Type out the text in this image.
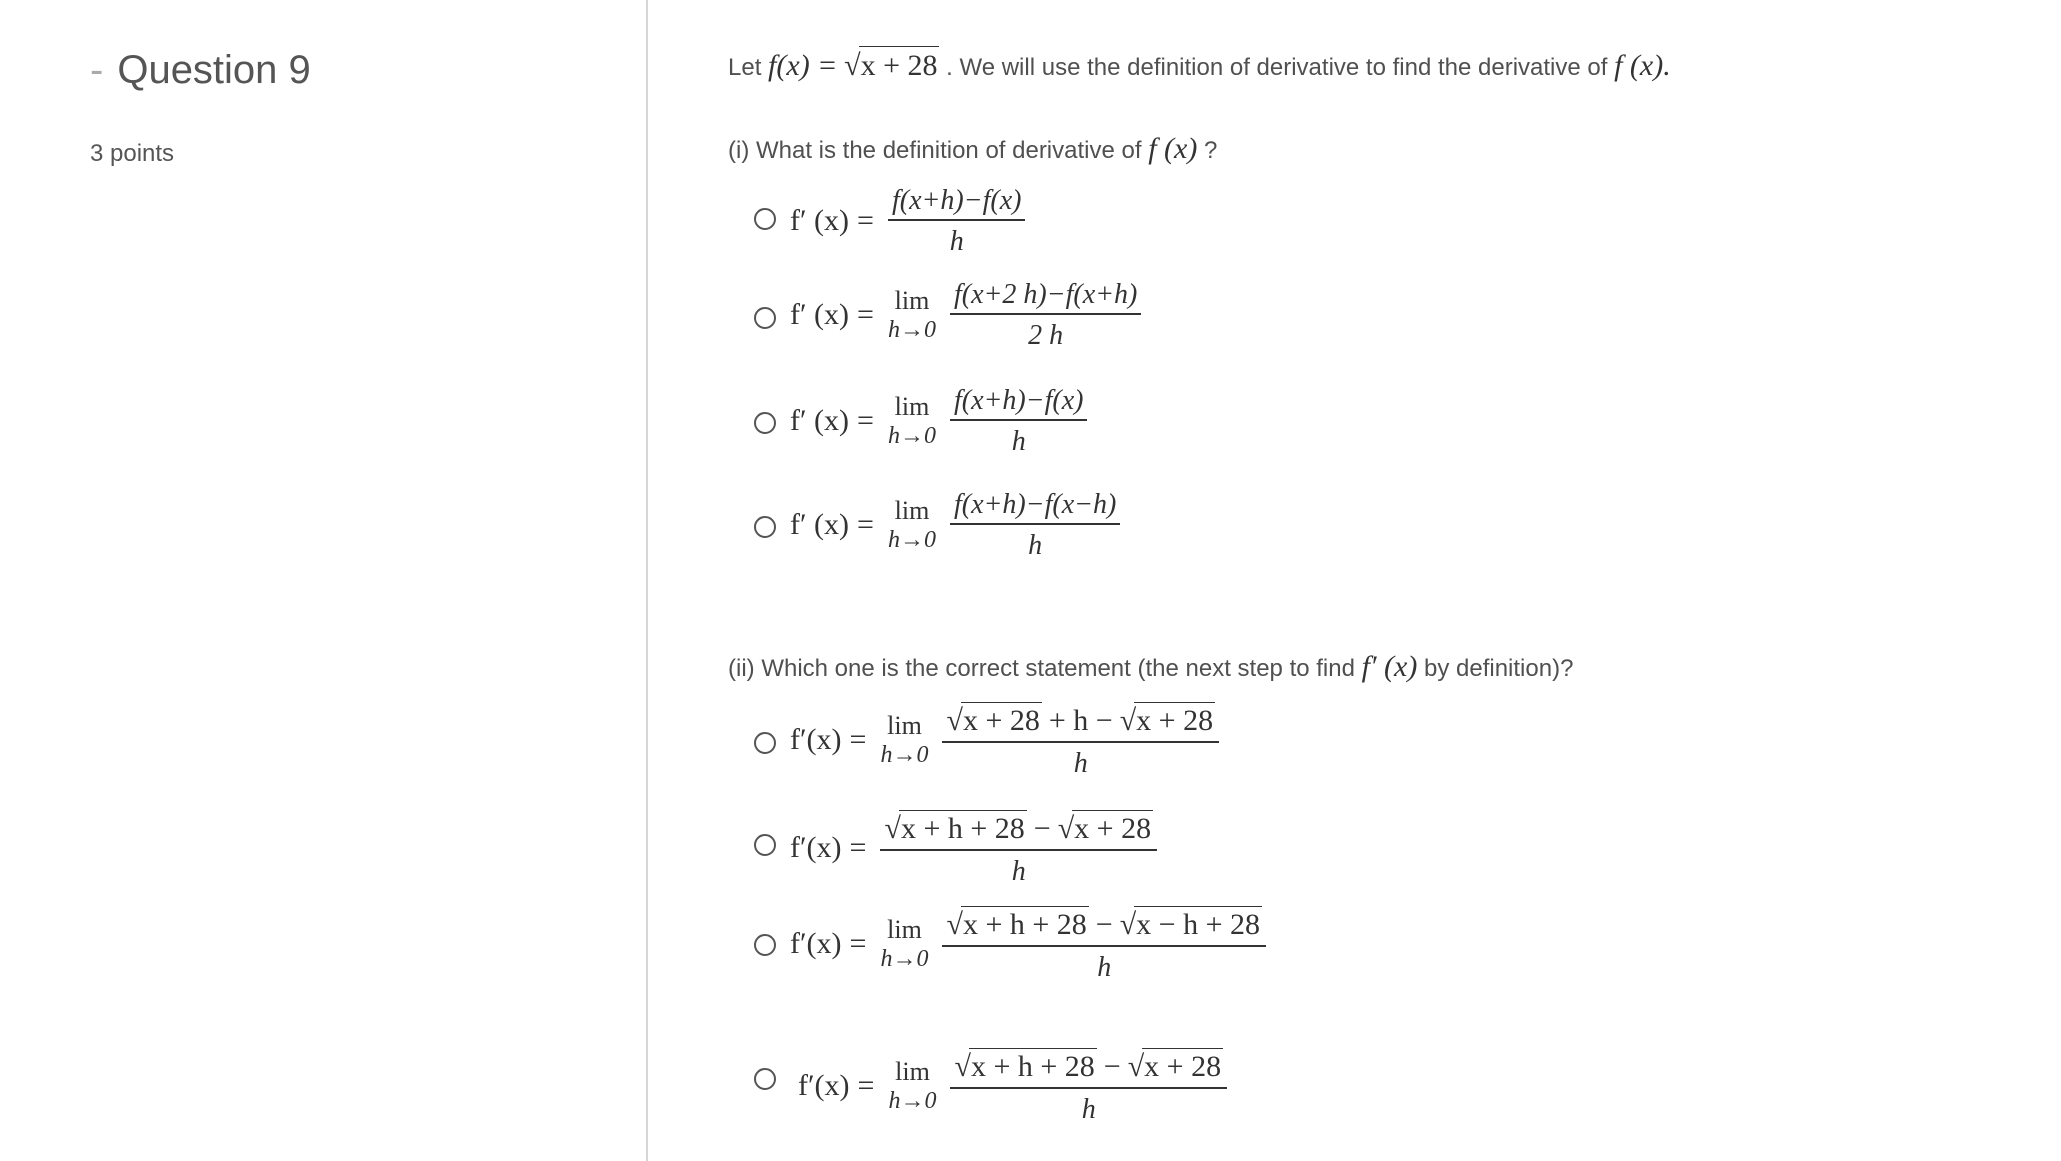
- Question 9
3 points
Let f(x) = √x + 28 . We will use the definition of derivative to find the derivative of f (x).
(i) What is the definition of derivative of f (x) ?
f′ $(x) = \frac{f(x+h)-f(x)}{h}$
f′ (x) = lim
$h\to 0 \frac{f(x+2 h)-f(x+h)}{2 h}$
f′ (x) = lim
$h\to 0 \frac{f(x+h)-f(x)}{h}$
f′ (x) = lim
$h\to 0 \frac{f(x+h)-f(x-h)}{h}$
(ii) Which one is the correct statement (the next step to find f′ (x) by definition)?
f′(x) = lim
$h\to 0 \frac{√x + 28 + h - √x + 28}{h}$
$f'(x) = \frac{√x + h + 28 - √x + 28}{h}$
f′(x) = lim
$h\to 0 \frac{√x + h + 28 - √x - h + 28}{h}$
f′(x) = lim
$h\to 0 \frac{√x + h + 28 - √x + 28}{h}$
